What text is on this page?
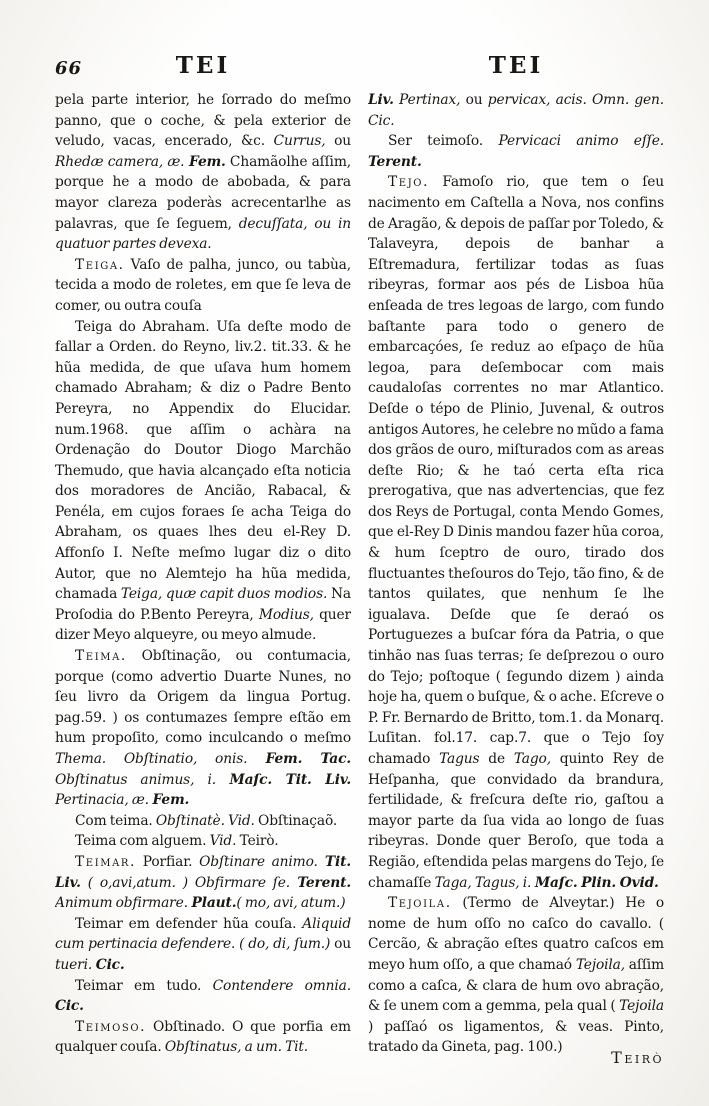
66	TEI	TEI

pela parte interior, he ſorrado do meſmo panno, que o coche, & pela exterior de veludo, vacas, encerado, &c. Currus, ou Rhedæ camera, æ. Fem. Chamãolhe aſſim, porque he a modo de abobada, & para mayor clareza poderàs acrecentarlhe as palavras, que ſe ſeguem, decuſſata, ou in quatuor partes devexa.

Teiga. Vaſo de palha, junco, ou tabùa, tecida a modo de roletes, em que ſe leva de comer, ou outra couſa

Teiga do Abraham. Uſa deſte modo de fallar a Orden. do Reyno, liv.2. tit.33. & he hũa medida, de que uſava hum homem chamado Abraham; & diz o Padre Bento Pereyra, no Appendix do Elucidar. num.1968. que aſſim o achàra na Ordenação do Doutor Diogo Marchão Themudo, que havia alcançado eſta noticia dos moradores de Ancião, Rabacal, & Penéla, em cujos foraes ſe acha Teiga do Abraham, os quaes lhes deu el-Rey D. Affonſo I. Neſte meſmo lugar diz o dito Autor, que no Alemtejo ha hũa medida, chamada Teiga, quæ capit duos modios. Na Proſodia do P.Bento Pereyra, Modius, quer dizer Meyo alqueyre, ou meyo almude.

Teima. Obſtinação, ou contumacia, porque (como advertio Duarte Nunes, no ſeu livro da Origem da lingua Portug. pag.59. ) os contumazes ſempre eſtão em hum propoſito, como inculcando o meſmo Thema. Obſtinatio, onis. Fem. Tac. Obſtinatus animus, i. Maſc. Tit. Liv. Pertinacia, æ. Fem.

Com teima. Obſtinatè. Vid. Obſtinaçaõ.

Teima com alguem. Vid. Teirò.

Teimar. Porfiar. Obſtinare animo. Tit. Liv. ( o,avi,atum. ) Obfirmare ſe. Terent. Animum obfirmare. Plaut.( mo, avi, atum.)

Teimar em defender hũa couſa. Aliquid cum pertinacia defendere. ( do, di, ſum.) ou tueri. Cic.

Teimar em tudo. Contendere omnia. Cic.

Teimoso. Obſtinado. O que porfia em qualquer couſa. Obſtinatus, a um. Tit.

Liv. Pertinax, ou pervicax, acis. Omn. gen. Cic.

Ser teimoſo. Pervicaci animo eſſe. Terent.

Tejo. Famoſo rio, que tem o ſeu nacimento em Caſtella a Nova, nos confins de Aragão, & depois de paſſar por Toledo, & Talaveyra, depois de banhar a Eſtremadura, fertilizar todas as ſuas ribeyras, formar aos pés de Lisboa hũa enſeada de tres legoas de largo, com fundo baſtante para todo o genero de embarcaçóes, ſe reduz ao eſpaço de hũa legoa, para deſembocar com mais caudaloſas correntes no mar Atlantico. Deſde o tépo de Plinio, Juvenal, & outros antigos Autores, he celebre no mũdo a fama dos grãos de ouro, miſturados com as areas deſte Rio; & he taó certa eſta rica prerogativa, que nas advertencias, que fez dos Reys de Portugal, conta Mendo Gomes, que el-Rey D Dinis mandou fazer hũa coroa, & hum ſceptro de ouro, tirado dos fluctuantes theſouros do Tejo, tão fino, & de tantos quilates, que nenhum ſe lhe igualava. Deſde que ſe deraó os Portuguezes a buſcar fóra da Patria, o que tinhão nas ſuas terras; ſe deſprezou o ouro do Tejo; poſtoque ( ſegundo dizem ) ainda hoje ha, quem o buſque, & o ache. Eſcreve o P. Fr. Bernardo de Britto, tom.1. da Monarq. Luſitan. fol.17. cap.7. que o Tejo ſoy chamado Tagus de Tago, quinto Rey de Heſpanha, que convidado da brandura, fertilidade, & freſcura deſte rio, gaſtou a mayor parte da ſua vida ao longo de ſuas ribeyras. Donde quer Beroſo, que toda a Região, eſtendida pelas margens do Tejo, ſe chamaſſe Taga, Tagus, i. Maſc. Plin. Ovid.

Tejoila. (Termo de Alveytar.) He o nome de hum oſſo no caſco do cavallo. ( Cercão, & abração eſtes quatro caſcos em meyo hum oſſo, a que chamaó Tejoila, aſſim como a caſca, & clara de hum ovo abração, & ſe unem com a gemma, pela qual ( Tejoila ) paſſaó os ligamentos, & veas. Pinto, tratado da Gineta, pag. 100.)

Teirò
